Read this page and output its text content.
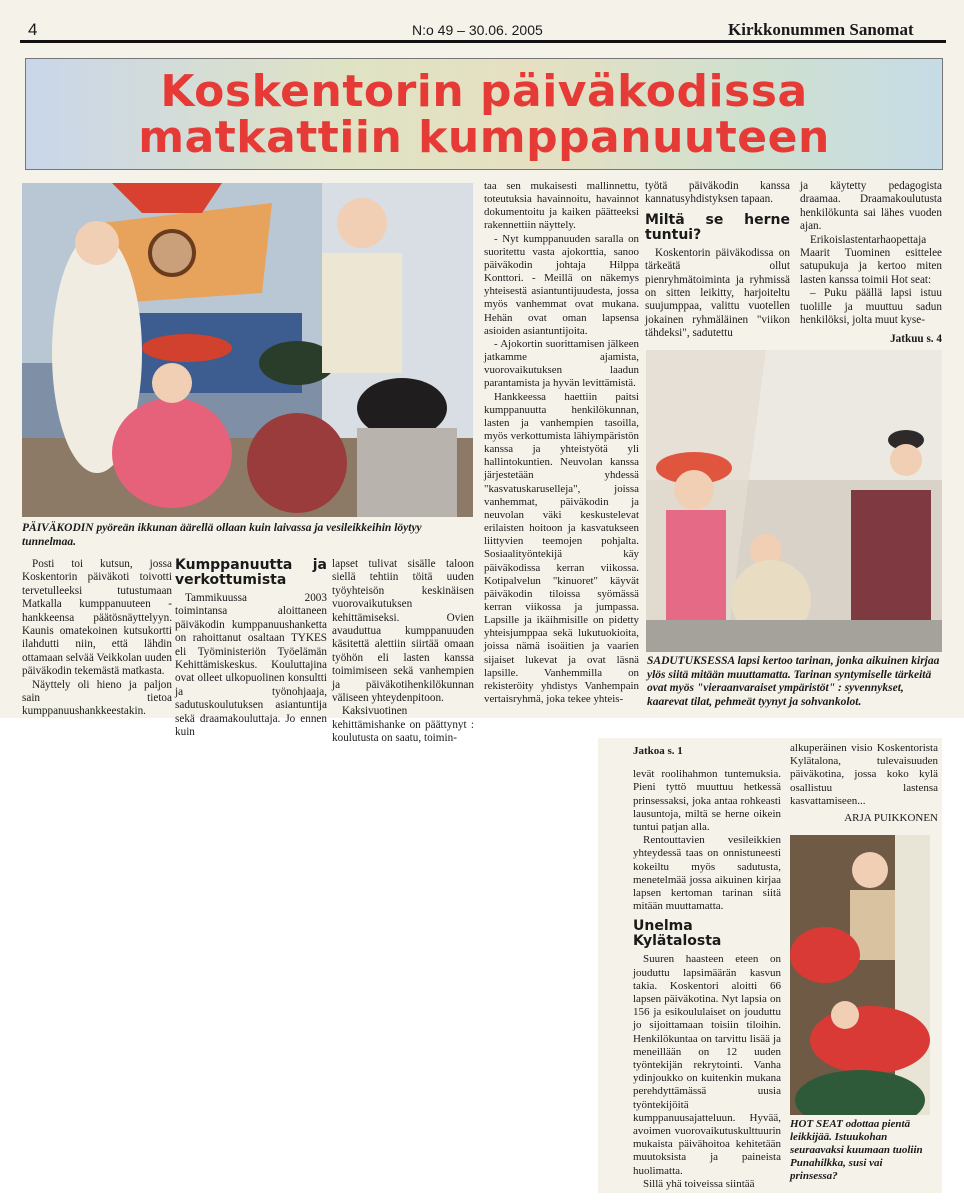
4	N:o 49 – 30.06. 2005	Kirkkonummen Sanomat
Koskentorin päiväkodissa
matkattiin kumppanuuteen
PÄIVÄKODIN pyöreän ikkunan äärellä ollaan kuin laivassa ja vesileikkeihin löytyy tunnelmaa.

Posti toi kutsun, jossa Koskentorin päiväkoti toivotti tervetulleeksi tutustumaan Matkalla kumppanuuteen - hankkeensa päätösnäyttelyyn. Kaunis omatekoinen kutsukortti ilahdutti niin, että lähdin ottamaan selvää Veikkolan uuden päiväkodin tekemästä matkasta.

Näyttely oli hieno ja paljon sain tietoa kumppanuushankkeestakin.

Kumppanuutta ja verkottumista

Tammikuussa 2003 toimintansa aloittaneen päiväkodin kumppanuushanketta on rahoittanut osaltaan TYKES eli Työministeriön Työelämän Kehittämiskeskus. Kouluttajina ovat olleet ulkopuolinen konsultti ja työnohjaaja, sadutuskoulutuksen asiantuntija sekä draamakouluttaja. Jo ennen kuin

lapset tulivat sisälle taloon siellä tehtiin töitä uuden työyhteisön keskinäisen vuorovaikutuksen kehittämiseksi. Ovien avauduttua kumppanuuden käsitettä alettiin siirtää omaan työhön eli lasten kanssa toimimiseen sekä vanhempien ja päiväkotihenkilökunnan väliseen yhteydenpitoon.

Kaksivuotinen kehittämishanke on päättynyt : koulutusta on saatu, toimin-

taa sen mukaisesti mallinnettu, toteutuksia havainnoitu, havainnot dokumentoitu ja kaiken päätteeksi rakennettiin näyttely.

- Nyt kumppanuuden saralla on suoritettu vasta ajokorttia, sanoo päiväkodin johtaja Hilppa Konttori. - Meillä on näkemys yhteisestä asiantuntijuudesta, jossa myös vanhemmat ovat mukana. Hehän ovat oman lapsensa asioiden asiantuntijoita.

- Ajokortin suorittamisen jälkeen jatkamme ajamista, vuorovaikutuksen laadun parantamista ja hyvän levittämistä.

Hankkeessa haettiin paitsi kumppanuutta henkilökunnan, lasten ja vanhempien tasoilla, myös verkottumista lähiympäristön kanssa ja yhteistyötä yli hallintokuntien. Neuvolan kanssa järjestetään yhdessä "kasvatuskaruselleja", joissa vanhemmat, päiväkodin ja neuvolan väki keskustelevat erilaisten hoitoon ja kasvatukseen liittyvien teemojen pohjalta. Sosiaalityöntekijä käy päiväkodissa kerran viikossa. Kotipalvelun "kinuoret" käyvät päiväkodin tiloissa syömässä kerran viikossa ja jumpassa. Lapsille ja ikäihmisille on pidetty yhteisjumppaa sekä lukutuokioita, joissa nämä isoäitien ja vaarien sijaiset lukevat ja ovat läsnä lapsille. Vanhemmilla on rekisteröity yhdistys Vanhempain vertaisryhmä, joka tekee yhteis-

työtä päiväkodin kanssa kannatusyhdistyksen tapaan.

Miltä se herne tuntui?

Koskentorin päiväkodissa on tärkeätä ollut pienryhmätoiminta ja ryhmissä on sitten leikitty, harjoiteltu suujumppaa, valittu vuotellen jokainen ryhmäläinen "viikon tähdeksi", sadutettu

ja käytetty pedagogista draamaa. Draamakoulutusta henkilökunta sai lähes vuoden ajan.

Erikoislastentarhaopettaja Maarit Tuominen esittelee satupukuja ja kertoo miten lasten kanssa toimii Hot seat:

– Puku päällä lapsi istuu tuolille ja muuttuu sadun henkilöksi, jolta muut kyse-

Jatkuu s. 4
SADUTUKSESSA lapsi kertoo tarinan, jonka aikuinen kirjaa ylös siitä mitään muuttamatta. Tarinan syntymiselle tärkeitä ovat myös "vieraanvaraiset ympäristöt" : syvennykset, kaarevat tilat, pehmeät tyynyt ja sohvankolot.
Jatkoa s. 1

levät roolihahmon tuntemuksia. Pieni tyttö muuttuu hetkessä prinsessaksi, joka antaa rohkeasti lausuntoja, miltä se herne oikein tuntui patjan alla.

Rentouttavien vesileikkien yhteydessä taas on onnistuneesti kokeiltu myös sadutusta, menetelmää jossa aikuinen kirjaa lapsen kertoman tarinan siitä mitään muuttamatta.

Unelma Kylätalosta

Suuren haasteen eteen on jouduttu lapsimäärän kasvun takia. Koskentori aloitti 66 lapsen päiväkotina. Nyt lapsia on 156 ja esikoululaiset on jouduttu jo sijoittamaan toisiin tiloihin. Henkilökuntaa on tarvittu lisää ja meneillään on 12 uuden työntekijän rekrytointi. Vanha ydinjoukko on kuitenkin mukana perehdyttämässä uusia työntekijöitä kumppanuusajatteluun. Hyvää, avoimen vuorovaikutuskulttuurin mukaista päivähoitoa kehitetään muutoksista ja paineista huolimatta.

Sillä yhä toiveissa siintää

alkuperäinen visio Koskentorista Kylätalona, tulevaisuuden päiväkotina, jossa koko kylä osallistuu lastensa kasvattamiseen...

ARJA PUIKKONEN
HOT SEAT odottaa pientä leikkijää. Istuukohan seuraavaksi kuumaan tuoliin Punahilkka, susi vai prinsessa?
